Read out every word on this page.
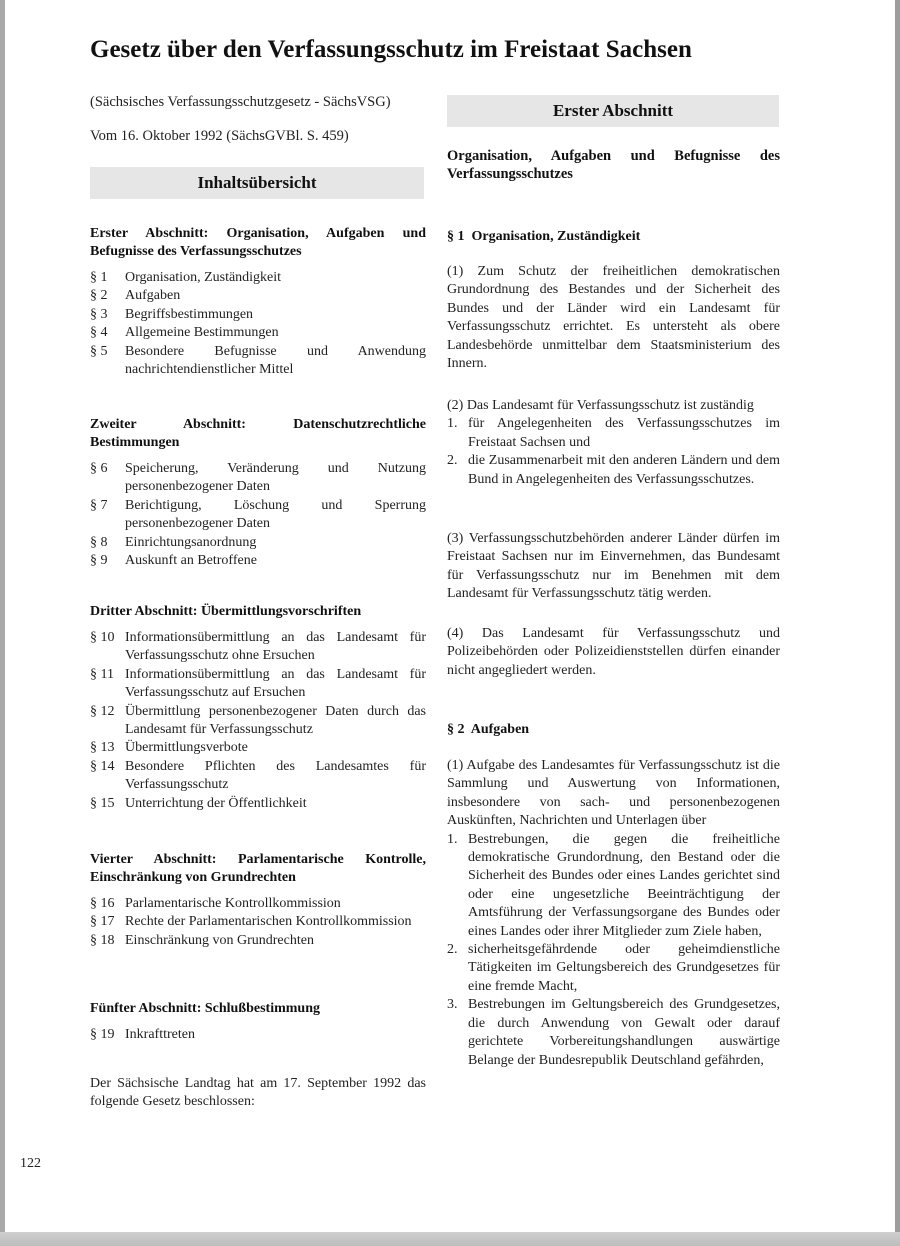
Gesetz über den Verfassungsschutz im Freistaat Sachsen
(Sächsisches Verfassungsschutzgesetz - SächsVSG)
Vom 16. Oktober 1992 (SächsGVBl. S. 459)
Inhaltsübersicht
Erster Abschnitt: Organisation, Aufgaben und Befugnisse des Verfassungsschutzes
§ 1	Organisation, Zuständigkeit
§ 2	Aufgaben
§ 3	Begriffsbestimmungen
§ 4	Allgemeine Bestimmungen
§ 5	Besondere Befugnisse und Anwendung nachrichtendienstlicher Mittel
Zweiter Abschnitt: Datenschutzrechtliche Bestimmungen
§ 6	Speicherung, Veränderung und Nutzung personenbezogener Daten
§ 7	Berichtigung, Löschung und Sperrung personenbezogener Daten
§ 8	Einrichtungsanordnung
§ 9	Auskunft an Betroffene
Dritter Abschnitt: Übermittlungsvorschriften
§ 10 Informationsübermittlung an das Landesamt für Verfassungsschutz ohne Ersuchen
§ 11 Informationsübermittlung an das Landesamt für Verfassungsschutz auf Ersuchen
§ 12 Übermittlung personenbezogener Daten durch das Landesamt für Verfassungsschutz
§ 13 Übermittlungsverbote
§ 14 Besondere Pflichten des Landesamtes für Verfassungsschutz
§ 15 Unterrichtung der Öffentlichkeit
Vierter Abschnitt: Parlamentarische Kontrolle, Einschränkung von Grundrechten
§ 16 Parlamentarische Kontrollkommission
§ 17 Rechte der Parlamentarischen Kontrollkommission
§ 18 Einschränkung von Grundrechten
Fünfter Abschnitt: Schlußbestimmung
§ 19 Inkrafttreten

Der Sächsische Landtag hat am 17. September 1992 das folgende Gesetz beschlossen:

Erster Abschnitt
Organisation, Aufgaben und Befugnisse des Verfassungsschutzes
§ 1  Organisation, Zuständigkeit

(1) Zum Schutz der freiheitlichen demokratischen Grundordnung des Bestandes und der Sicherheit des Bundes und der Länder wird ein Landesamt für Verfassungsschutz errichtet. Es untersteht als obere Landesbehörde unmittelbar dem Staatsministerium des Innern.

(2) Das Landesamt für Verfassungsschutz ist zuständig

1. für Angelegenheiten des Verfassungsschutzes im Freistaat Sachsen und
2. die Zusammenarbeit mit den anderen Ländern und dem Bund in Angelegenheiten des Verfassungsschutzes.

(3) Verfassungsschutzbehörden anderer Länder dürfen im Freistaat Sachsen nur im Einvernehmen, das Bundesamt für Verfassungsschutz nur im Benehmen mit dem Landesamt für Verfassungsschutz tätig werden.

(4) Das Landesamt für Verfassungsschutz und Polizeibehörden oder Polizeidienststellen dürfen einander nicht angegliedert werden.

§ 2  Aufgaben

(1) Aufgabe des Landesamtes für Verfassungsschutz ist die Sammlung und Auswertung von Informationen, insbesondere von sach- und personenbezogenen Auskünften, Nachrichten und Unterlagen über

1. Bestrebungen, die gegen die freiheitliche demokratische Grundordnung, den Bestand oder die Sicherheit des Bundes oder eines Landes gerichtet sind oder eine ungesetzliche Beeinträchtigung der Amtsführung der Verfassungsorgane des Bundes oder eines Landes oder ihrer Mitglieder zum Ziele haben,
2. sicherheitsgefährdende oder geheimdienstliche Tätigkeiten im Geltungsbereich des Grundgesetzes für eine fremde Macht,
3. Bestrebungen im Geltungsbereich des Grundgesetzes, die durch Anwendung von Gewalt oder darauf gerichtete Vorbereitungshandlungen auswärtige Belange der Bundesrepublik Deutschland gefährden,
122
